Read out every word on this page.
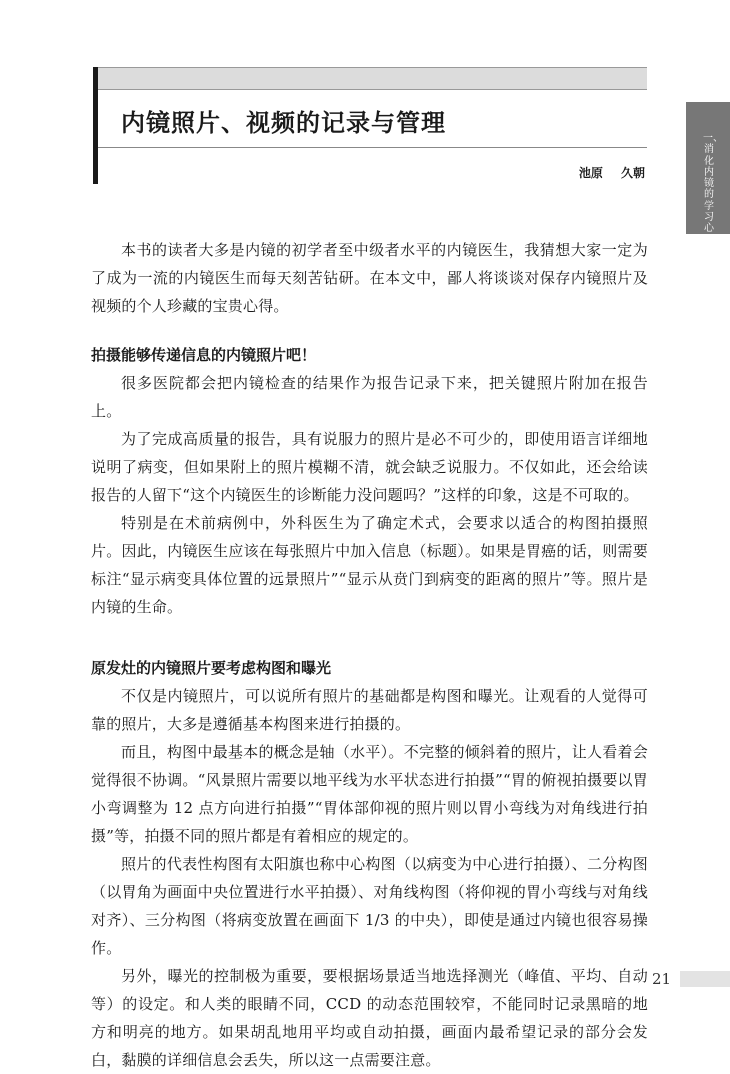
内镜照片、视频的记录与管理
池原 久朝
一、消化内镜的学习心得

本书的读者大多是内镜的初学者至中级者水平的内镜医生，我猜想大家一定为了成为一流的内镜医生而每天刻苦钻研。在本文中，鄙人将谈谈对保存内镜照片及视频的个人珍藏的宝贵心得。

拍摄能够传递信息的内镜照片吧！

很多医院都会把内镜检查的结果作为报告记录下来，把关键照片附加在报告上。

为了完成高质量的报告，具有说服力的照片是必不可少的，即使用语言详细地说明了病变，但如果附上的照片模糊不清，就会缺乏说服力。不仅如此，还会给读报告的人留下“这个内镜医生的诊断能力没问题吗？”这样的印象，这是不可取的。

特别是在术前病例中，外科医生为了确定术式，会要求以适合的构图拍摄照片。因此，内镜医生应该在每张照片中加入信息（标题）。如果是胃癌的话，则需要标注“显示病变具体位置的远景照片”“显示从贲门到病变的距离的照片”等。照片是内镜的生命。

原发灶的内镜照片要考虑构图和曝光

不仅是内镜照片，可以说所有照片的基础都是构图和曝光。让观看的人觉得可靠的照片，大多是遵循基本构图来进行拍摄的。

而且，构图中最基本的概念是轴（水平）。不完整的倾斜着的照片，让人看着会觉得很不协调。“风景照片需要以地平线为水平状态进行拍摄”“胃的俯视拍摄要以胃小弯调整为 12 点方向进行拍摄”“胃体部仰视的照片则以胃小弯线为对角线进行拍摄”等，拍摄不同的照片都是有着相应的规定的。

照片的代表性构图有太阳旗也称中心构图（以病变为中心进行拍摄）、二分构图（以胃角为画面中央位置进行水平拍摄）、对角线构图（将仰视的胃小弯线与对角线对齐）、三分构图（将病变放置在画面下 1/3 的中央），即使是通过内镜也很容易操作。

另外，曝光的控制极为重要，要根据场景适当地选择测光（峰值、平均、自动等）的设定。和人类的眼睛不同，CCD 的动态范围较窄，不能同时记录黑暗的地方和明亮的地方。如果胡乱地用平均或自动拍摄，画面内最希望记录的部分会发白，黏膜的详细信息会丢失，所以这一点需要注意。

21
